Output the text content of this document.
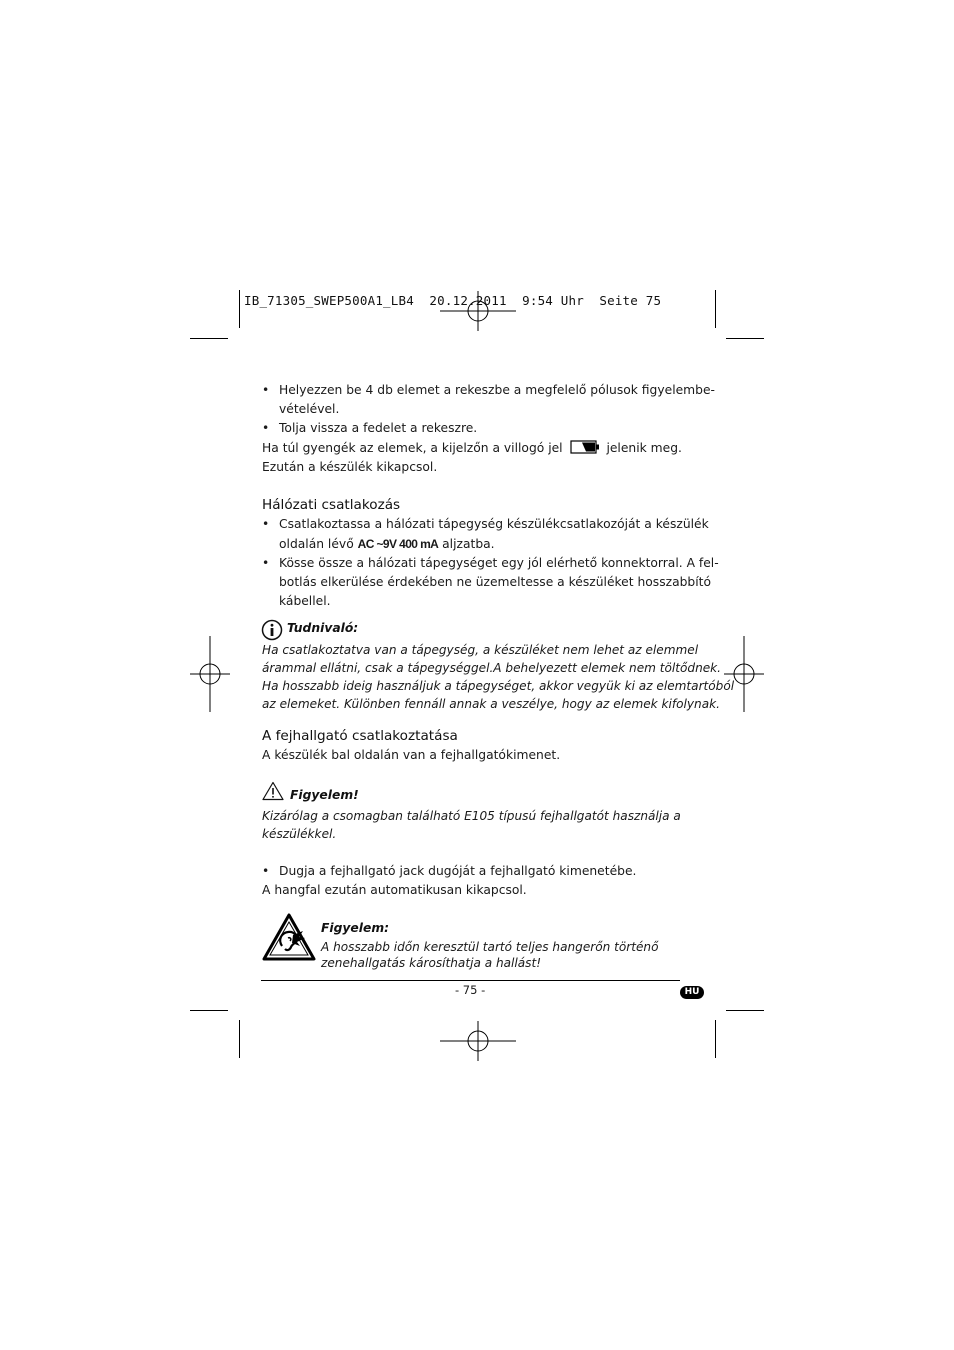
IB_71305_SWEP500A1_LB4  20.12.2011  9:54 Uhr  Seite 75
• Helyezzen be 4 db elemet a rekeszbe a megfelelő pólusok figyelembe-
vételével.
• Tolja vissza a fedelet a rekeszre.
Ha túl gyengék az elemek, a kijelzőn a villogó jel	jelenik meg.
Ezután a készülék kikapcsol.
Hálózati csatlakozás
• Csatlakoztassa a hálózati tápegység készülékcsatlakozóját a készülék
oldalán lévő AC ~9V 400 mA aljzatba.
• Kösse össze a hálózati tápegységet egy jól elérhető konnektorral. A fel-
botlás elkerülése érdekében ne üzemeltesse a készüléket hosszabbító
kábellel.
Tudnivaló:
Ha csatlakoztatva van a tápegység, a készüléket nem lehet az elemmel
árammal ellátni, csak a tápegységgel.A behelyezett elemek nem töltődnek.
Ha hosszabb ideig használjuk a tápegységet, akkor vegyük ki az elemtartóból
az elemeket. Különben fennáll annak a veszélye, hogy az elemek kifolynak.
A fejhallgató csatlakoztatása
A készülék bal oldalán van a fejhallgatókimenet.
Figyelem!
Kizárólag a csomagban található E105 típusú fejhallgatót használja a
készülékkel.
• Dugja a fejhallgató jack dugóját a fejhallgató kimenetébe.
A hangfal ezután automatikusan kikapcsol.
Figyelem:
A hosszabb időn keresztül tartó teljes hangerőn történő
zenehallgatás károsíthatja a hallást!
- 75 -	HU
